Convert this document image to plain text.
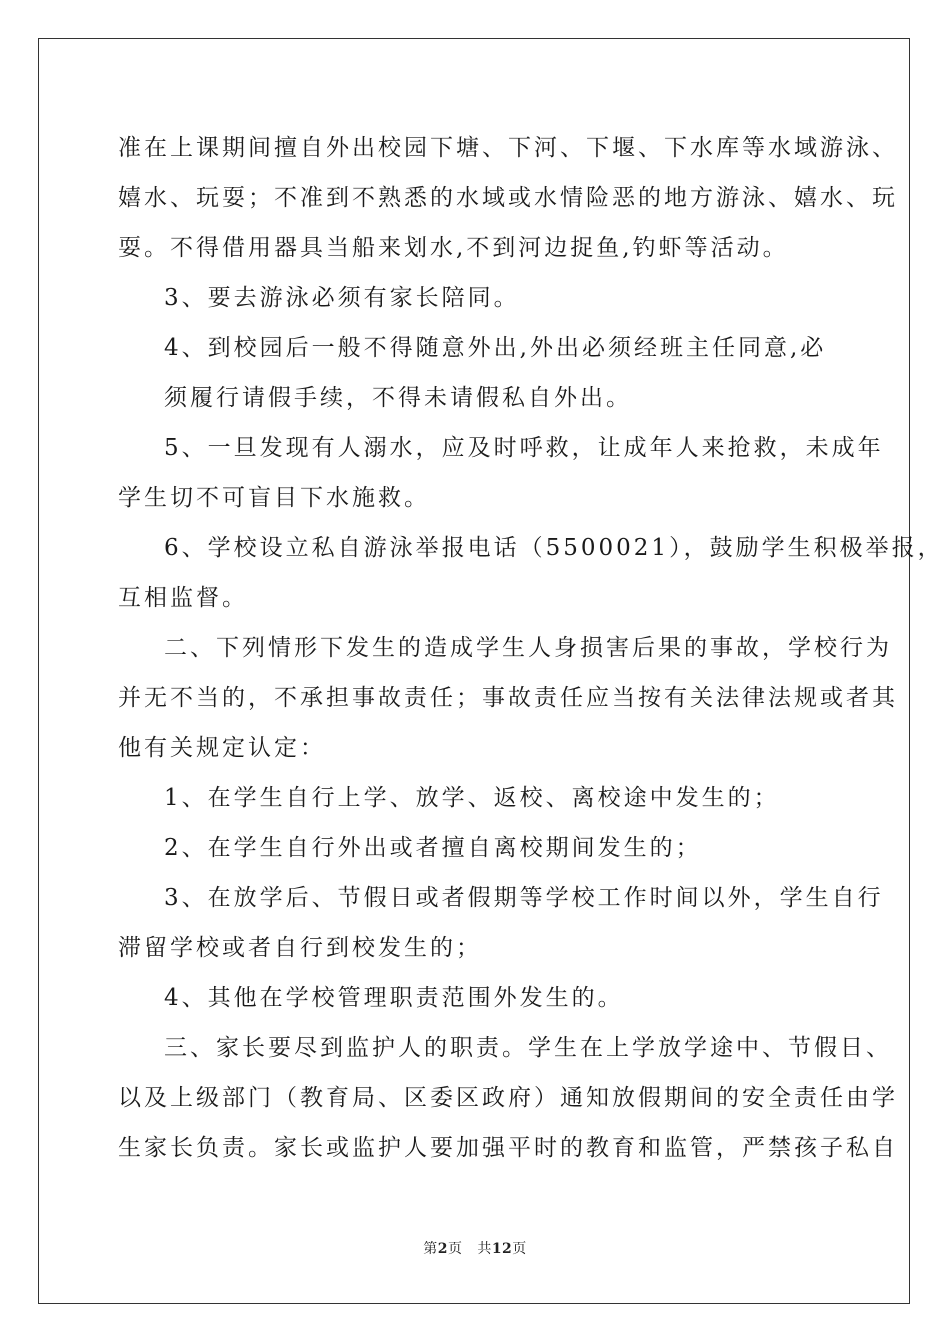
准在上课期间擅自外出校园下塘、下河、下堰、下水库等水域游泳、
嬉水、玩耍；不准到不熟悉的水域或水情险恶的地方游泳、嬉水、玩
耍。不得借用器具当船来划水,不到河边捉鱼,钓虾等活动。
3、要去游泳必须有家长陪同。
4、到校园后一般不得随意外出,外出必须经班主任同意,必
须履行请假手续，不得未请假私自外出。
5、一旦发现有人溺水，应及时呼救，让成年人来抢救，未成年
学生切不可盲目下水施救。
6、学校设立私自游泳举报电话（5500021），鼓励学生积极举报，
互相监督。
二、下列情形下发生的造成学生人身损害后果的事故，学校行为
并无不当的，不承担事故责任；事故责任应当按有关法律法规或者其
他有关规定认定：
1、在学生自行上学、放学、返校、离校途中发生的；
2、在学生自行外出或者擅自离校期间发生的；
3、在放学后、节假日或者假期等学校工作时间以外，学生自行
滞留学校或者自行到校发生的；
4、其他在学校管理职责范围外发生的。
三、家长要尽到监护人的职责。学生在上学放学途中、节假日、
以及上级部门（教育局、区委区政府）通知放假期间的安全责任由学
生家长负责。家长或监护人要加强平时的教育和监管，严禁孩子私自
第2页 共12页
